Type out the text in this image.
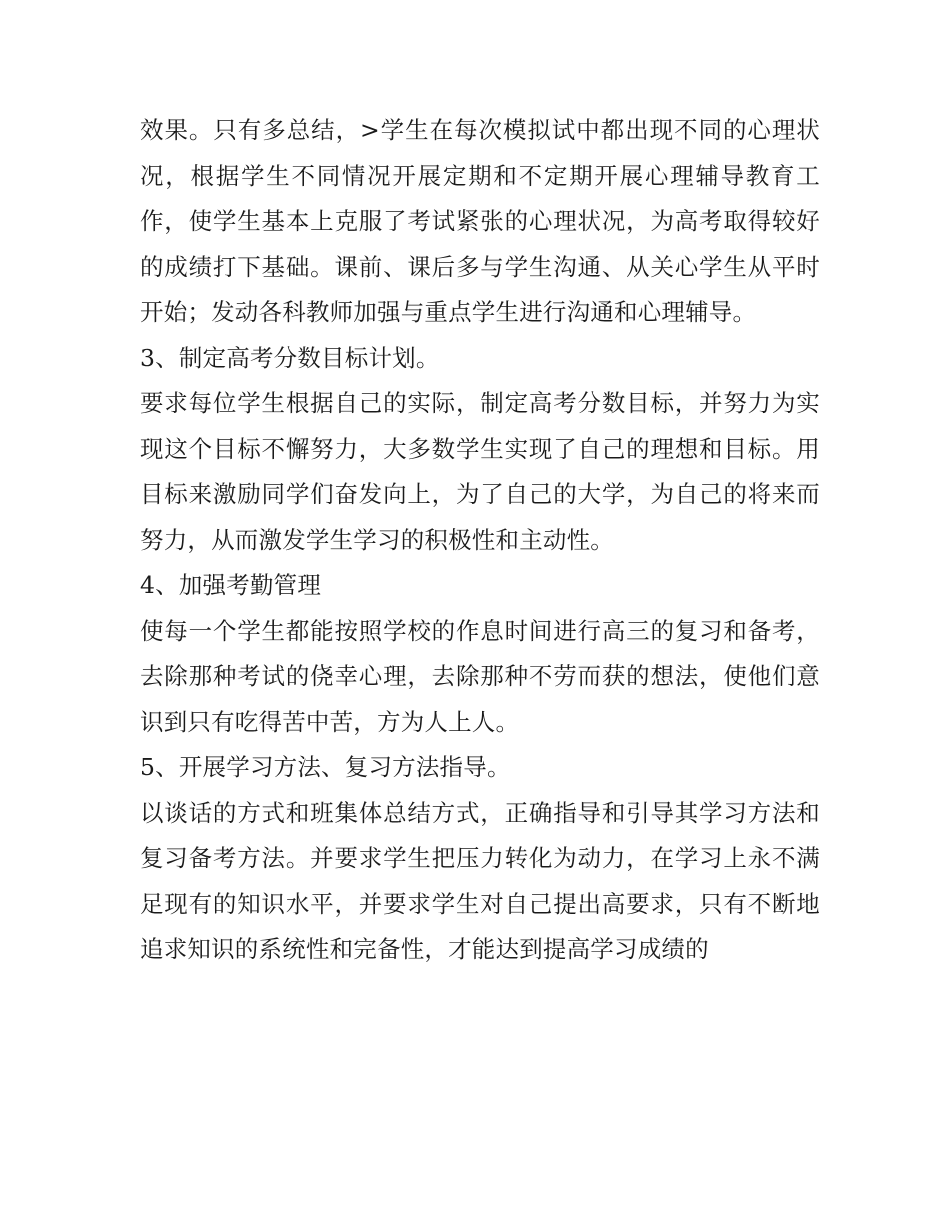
效果。只有多总结，>学生在每次模拟试中都出现不同的心理状况，根据学生不同情况开展定期和不定期开展心理辅导教育工作，使学生基本上克服了考试紧张的心理状况，为高考取得较好的成绩打下基础。课前、课后多与学生沟通、从关心学生从平时开始；发动各科教师加强与重点学生进行沟通和心理辅导。

3、制定高考分数目标计划。

要求每位学生根据自己的实际，制定高考分数目标，并努力为实现这个目标不懈努力，大多数学生实现了自己的理想和目标。用目标来激励同学们奋发向上，为了自己的大学，为自己的将来而努力，从而激发学生学习的积极性和主动性。

4、加强考勤管理

使每一个学生都能按照学校的作息时间进行高三的复习和备考，去除那种考试的侥幸心理，去除那种不劳而获的想法，使他们意识到只有吃得苦中苦，方为人上人。

5、开展学习方法、复习方法指导。

以谈话的方式和班集体总结方式，正确指导和引导其学习方法和复习备考方法。并要求学生把压力转化为动力，在学习上永不满足现有的知识水平，并要求学生对自己提出高要求，只有不断地追求知识的系统性和完备性，才能达到提高学习成绩的
